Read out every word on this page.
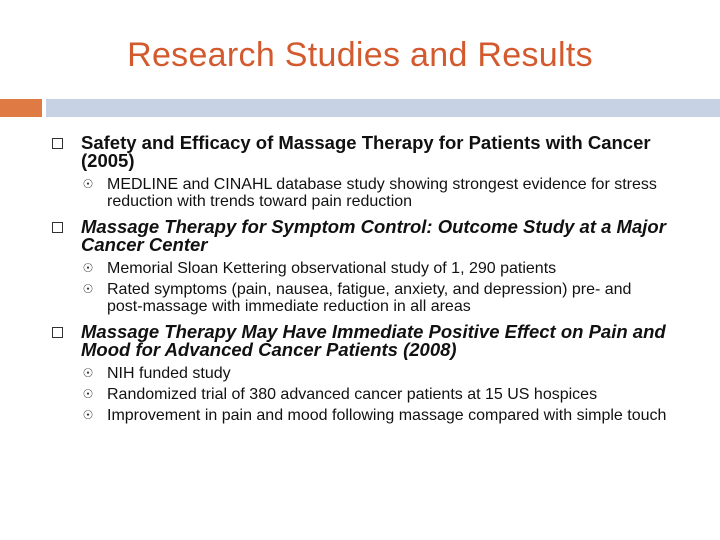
Research Studies and Results
Safety and Efficacy of Massage Therapy for Patients with Cancer (2005)
☉ MEDLINE and CINAHL database study showing strongest evidence for stress reduction with trends toward pain reduction
Massage Therapy for Symptom Control: Outcome Study at a Major Cancer Center
☉ Memorial Sloan Kettering observational study of 1, 290 patients
☉ Rated symptoms (pain, nausea, fatigue, anxiety, and depression) pre- and post-massage with immediate reduction in all areas
Massage Therapy May Have Immediate Positive Effect on Pain and Mood for Advanced Cancer Patients (2008)
☉ NIH funded study
☉ Randomized trial of 380 advanced cancer patients at 15 US hospices
☉ Improvement in pain and mood following massage compared with simple touch
